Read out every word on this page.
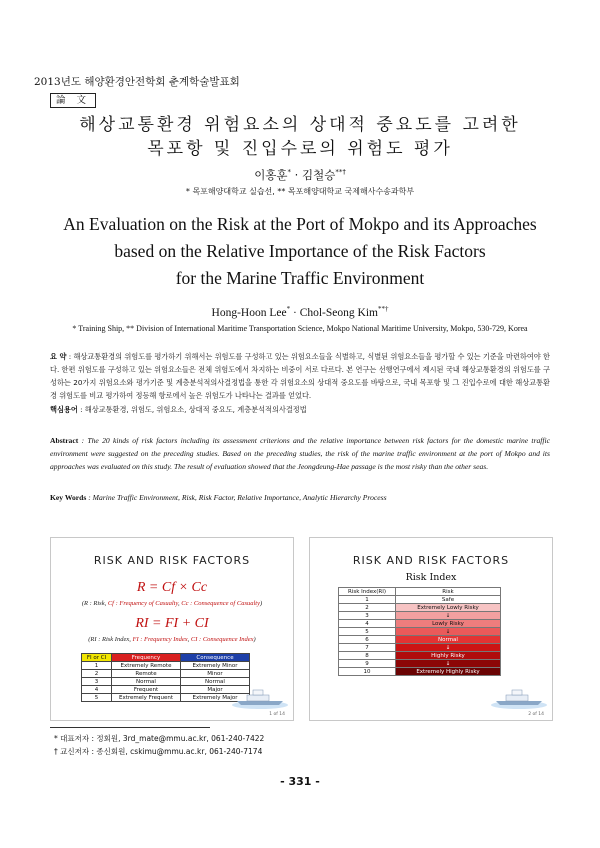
2013년도 해양환경안전학회 춘계학술발표회
論 文
해상교통환경 위험요소의 상대적 중요도를 고려한
목포항 및 진입수로의 위험도 평가
이홍훈* · 김철승**†
* 목포해양대학교 실습선, ** 목포해양대학교 국제해사수송과학부
An Evaluation on the Risk at the Port of Mokpo and its Approaches
based on the Relative Importance of the Risk Factors
for the Marine Traffic Environment
Hong-Hoon Lee* · Chol-Seong Kim**†
* Training Ship, ** Division of International Maritime Transportation Science, Mokpo National Maritime University, Mokpo, 530-729, Korea
요 약 : 해상교통환경의 위험도를 평가하기 위해서는 위험도를 구성하고 있는 위험요소들을 식별하고, 식별된 위험요소들을 평가할 수 있는 기준을 마련하여야 한다. 한편 위험도를 구성하고 있는 위험요소들은 전체 위험도에서 차지하는 비중이 서로 다르다. 본 연구는 선행연구에서 제시된 국내 해상교통환경의 위험도를 구성하는 20가지 위험요소와 평가기준 및 계층분석적의사결정법을 통한 각 위험요소의 상대적 중요도를 바탕으로, 국내 목포항 및 그 진입수로에 대한 해상교통환경 위험도를 비교 평가하여 정등해 항로에서 높은 위험도가 나타나는 결과를 얻었다.
핵심용어 : 해상교통환경, 위험도, 위험요소, 상대적 중요도, 계층분석적의사결정법
Abstract : The 20 kinds of risk factors including its assessment criterions and the relative importance between risk factors for the domestic marine traffic environment were suggested on the preceding studies. Based on the preceding studies, the risk of the marine traffic environment at the port of Mokpo and its approaches was evaluated on this study. The result of evaluation showed that the Jeongdeung-Hae passage is the most risky than the other seas.
Key Words : Marine Traffic Environment, Risk, Risk Factor, Relative Importance, Analytic Hierarchy Process
RISK AND RISK FACTORS
R = Cf × Cc
(R : Risk, Cf : Frequency of Casualty, Cc : Consequence of Casualty)
RI = FI + CI
(RI : Risk Index, FI : Frequency Index, CI : Consequence Index)
FI or CI	Frequency	Consequence
1	Extremely Remote	Extremely Minor
2	Remote	Minor
3	Normal	Normal
4	Frequent	Major
5	Extremely Frequent	Extremely Major
1 of 14
RISK AND RISK FACTORS
Risk Index
Risk Index(RI)	Risk
1	Safe
2	Extremely Lowly Risky
3	↓
4	Lowly Risky
5	↓
6	Normal
7	↓
8	Highly Risky
9	↓
10	Extremely Highly Risky
2 of 14
* 대표저자 : 정회원, 3rd_mate@mmu.ac.kr, 061-240-7422
† 교신저자 : 종신회원, cskimu@mmu.ac.kr, 061-240-7174
- 331 -
